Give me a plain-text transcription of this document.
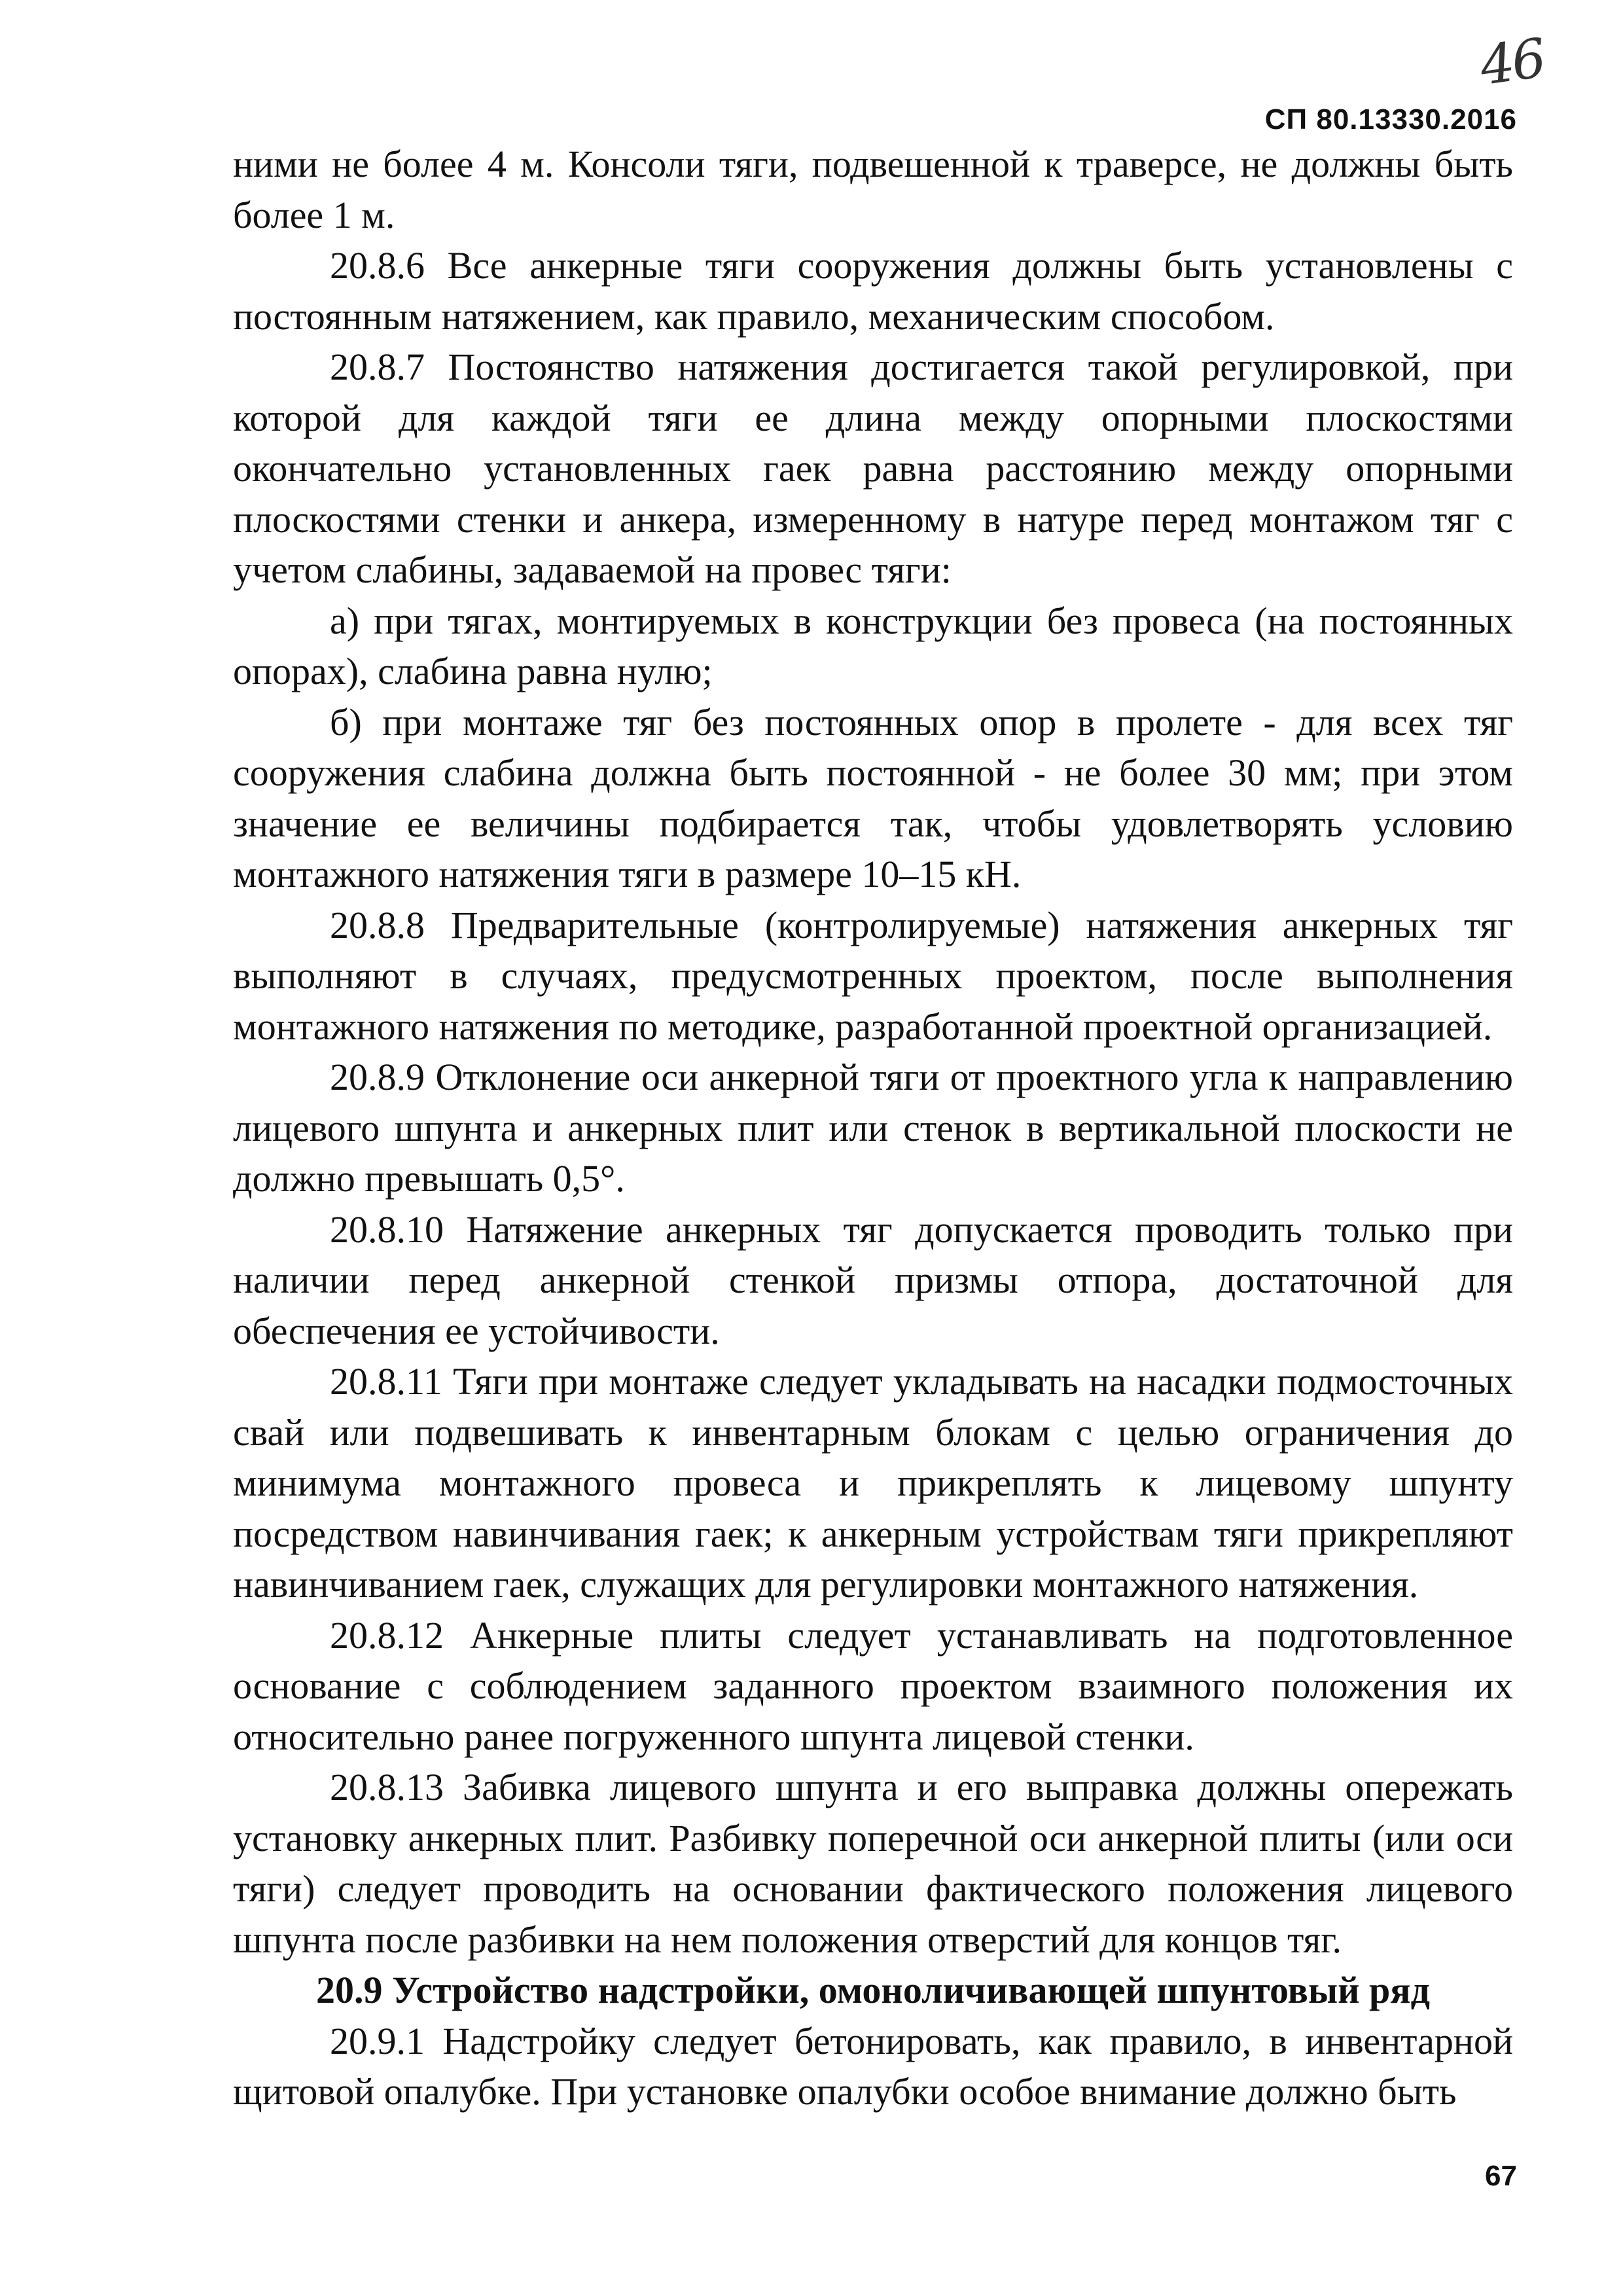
46
СП 80.13330.2016

ними не более 4 м. Консоли тяги, подвешенной к траверсе, не должны быть более 1 м.

20.8.6 Все анкерные тяги сооружения должны быть установлены с постоянным натяжением, как правило, механическим способом.

20.8.7 Постоянство натяжения достигается такой регулировкой, при которой для каждой тяги ее длина между опорными плоскостями окончательно установленных гаек равна расстоянию между опорными плоскостями стенки и анкера, измеренному в натуре перед монтажом тяг с учетом слабины, задаваемой на провес тяги:

а) при тягах, монтируемых в конструкции без провеса (на постоянных опорах), слабина равна нулю;

б) при монтаже тяг без постоянных опор в пролете - для всех тяг сооружения слабина должна быть постоянной - не более 30 мм; при этом значение ее величины подбирается так, чтобы удовлетворять условию монтажного натяжения тяги в размере 10–15 кН.

20.8.8 Предварительные (контролируемые) натяжения анкерных тяг выполняют в случаях, предусмотренных проектом, после выполнения монтажного натяжения по методике, разработанной проектной организацией.

20.8.9 Отклонение оси анкерной тяги от проектного угла к направлению лицевого шпунта и анкерных плит или стенок в вертикальной плоскости не должно превышать 0,5°.

20.8.10 Натяжение анкерных тяг допускается проводить только при наличии перед анкерной стенкой призмы отпора, достаточной для обеспечения ее устойчивости.

20.8.11 Тяги при монтаже следует укладывать на насадки подмосточных свай или подвешивать к инвентарным блокам с целью ограничения до минимума монтажного провеса и прикреплять к лицевому шпунту посредством навинчивания гаек; к анкерным устройствам тяги прикрепляют навинчиванием гаек, служащих для регулировки монтажного натяжения.

20.8.12 Анкерные плиты следует устанавливать на подготовленное основание с соблюдением заданного проектом взаимного положения их относительно ранее погруженного шпунта лицевой стенки.

20.8.13 Забивка лицевого шпунта и его выправка должны опережать установку анкерных плит. Разбивку поперечной оси анкерной плиты (или оси тяги) следует проводить на основании фактического положения лицевого шпунта после разбивки на нем положения отверстий для концов тяг.

20.9 Устройство надстройки, омоноличивающей шпунтовый ряд

20.9.1 Надстройку следует бетонировать, как правило, в инвентарной щитовой опалубке. При установке опалубки особое внимание должно быть

67
